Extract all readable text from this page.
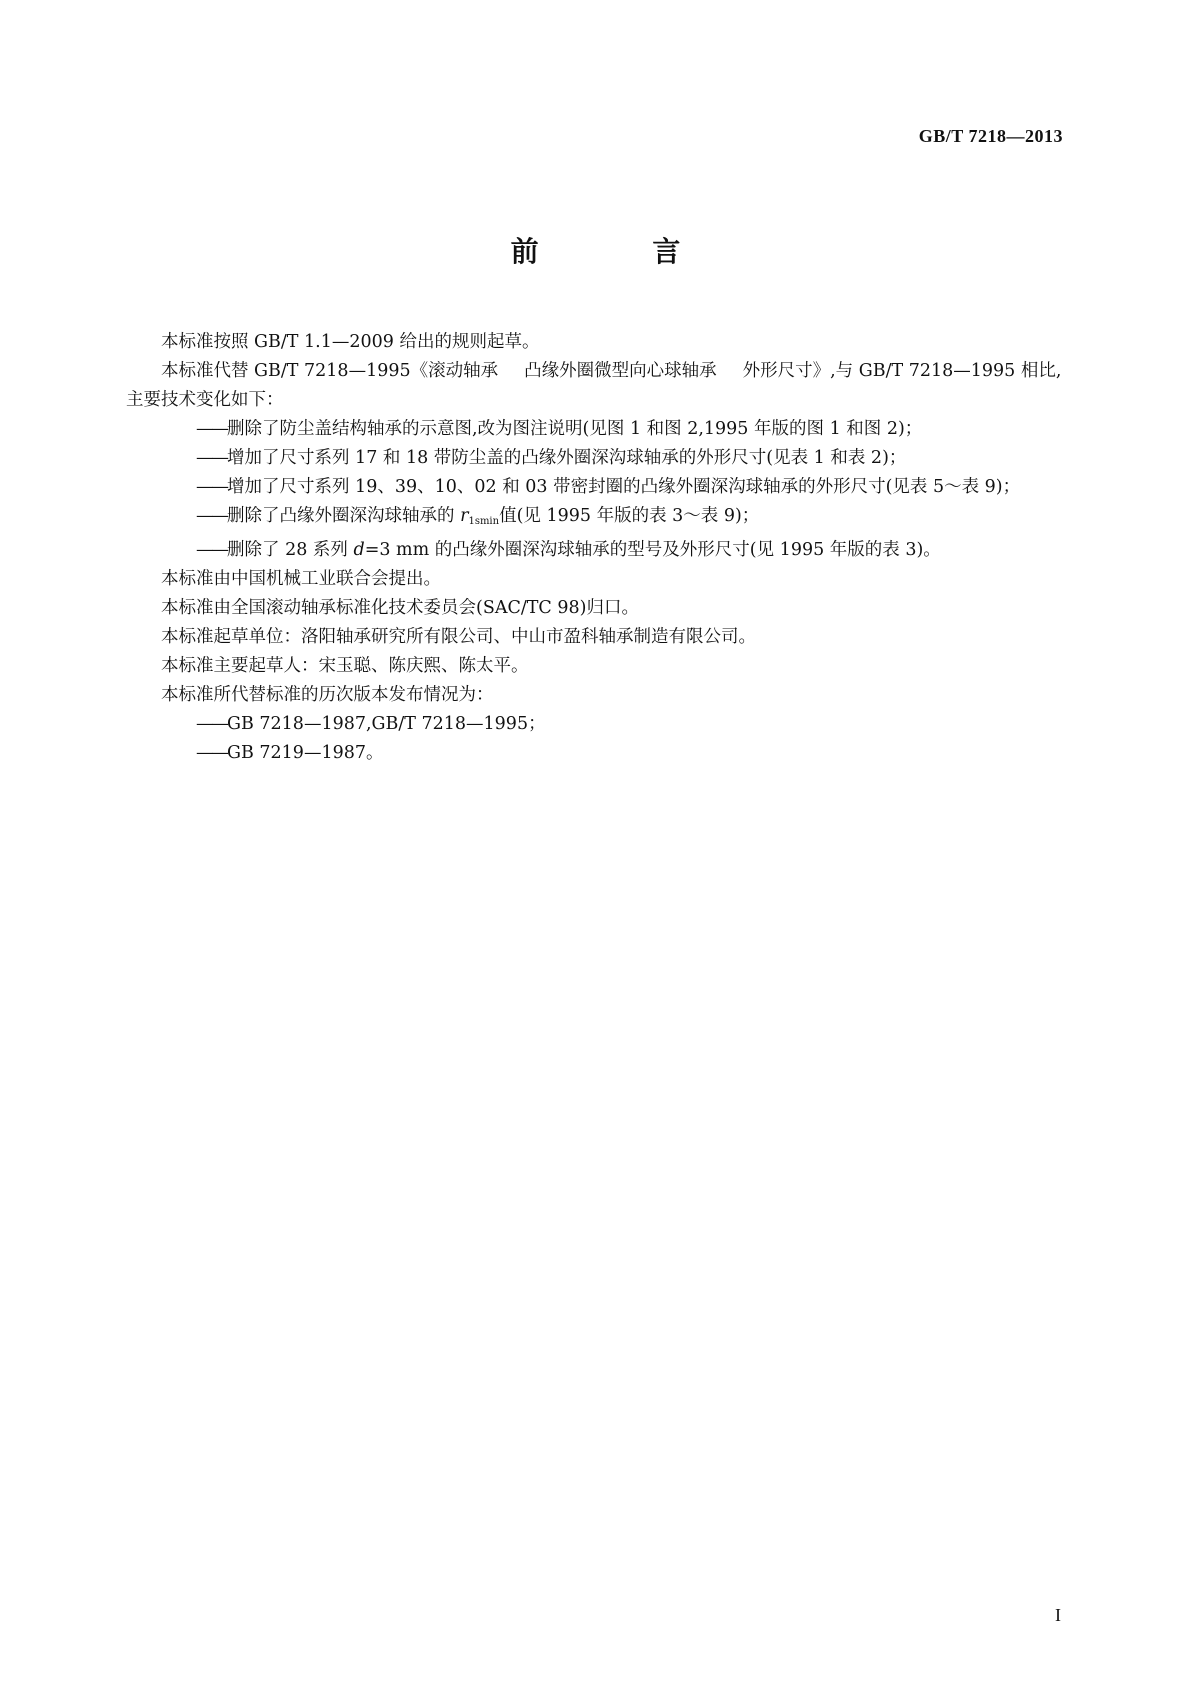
GB/T 7218—2013
前 言

本标准按照 GB/T 1.1—2009 给出的规则起草。

本标准代替 GB/T 7218—1995《滚动轴承 凸缘外圈微型向心球轴承 外形尺寸》,与 GB/T 7218—1995 相比,主要技术变化如下：

——删除了防尘盖结构轴承的示意图,改为图注说明(见图 1 和图 2,1995 年版的图 1 和图 2)；

——增加了尺寸系列 17 和 18 带防尘盖的凸缘外圈深沟球轴承的外形尺寸(见表 1 和表 2)；

——增加了尺寸系列 19、39、10、02 和 03 带密封圈的凸缘外圈深沟球轴承的外形尺寸(见表 5～表 9)；

——删除了凸缘外圈深沟球轴承的 $r_{1smin}$值(见 1995 年版的表 3～表 9)；

——删除了 28 系列 d=3 mm 的凸缘外圈深沟球轴承的型号及外形尺寸(见 1995 年版的表 3)。

本标准由中国机械工业联合会提出。

本标准由全国滚动轴承标准化技术委员会(SAC/TC 98)归口。

本标准起草单位：洛阳轴承研究所有限公司、中山市盈科轴承制造有限公司。

本标准主要起草人：宋玉聪、陈庆熙、陈太平。

本标准所代替标准的历次版本发布情况为：

——GB 7218—1987,GB/T 7218—1995；

——GB 7219—1987。

I
